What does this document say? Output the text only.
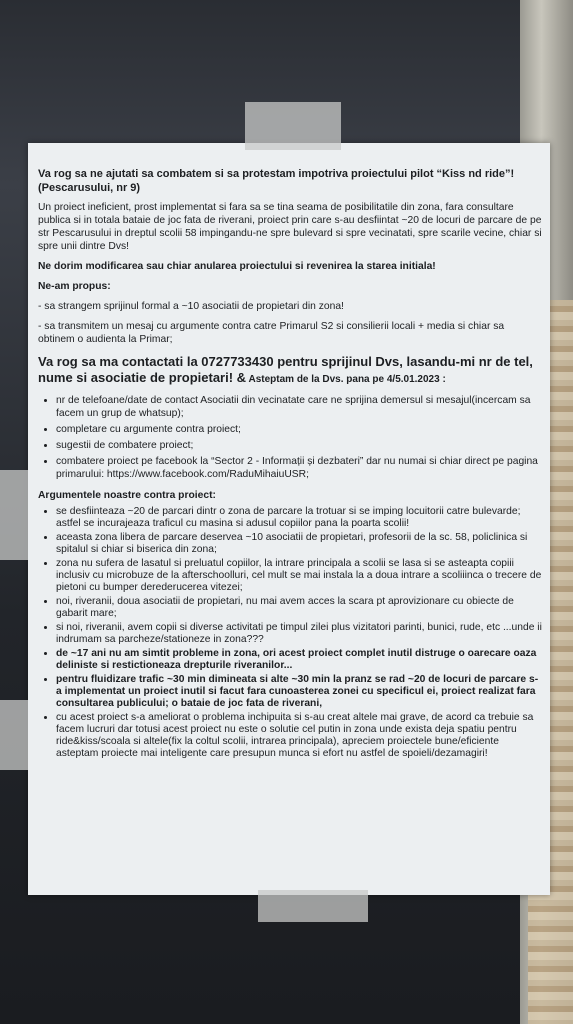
Va rog sa ne ajutati sa combatem si sa protestam impotriva proiectului pilot “Kiss nd ride”! (Pescarusului, nr 9)

Un proiect ineficient, prost implementat si fara sa se tina seama de posibilitatile din zona, fara consultare publica si in totala bataie de joc fata de riverani, proiect prin care s-au desfiintat ~20 de locuri de parcare de pe str Pescarusului in dreptul scolii 58 impingandu-ne spre bulevard si spre vecinatati, spre scarile vecine, chiar si spre unii dintre Dvs!

Ne dorim modificarea sau chiar anularea proiectului si revenirea la starea initiala!

Ne-am propus:

- sa strangem sprijinul formal a ~10 asociatii de propietari din zona!

- sa transmitem un mesaj cu argumente contra catre Primarul S2 si consilierii locali + media si chiar sa obtinem o audienta la Primar;

Va rog sa ma contactati la 0727733430 pentru sprijinul Dvs, lasandu-mi nr de tel, nume si asociatie de propietari! & Asteptam de la Dvs. pana pe 4/5.01.2023 :
• nr de telefoane/date de contact Asociatii din vecinatate care ne sprijina demersul si mesajul(incercam sa facem un grup de whatsup);
• completare cu argumente contra proiect;
• sugestii de combatere proiect;
• combatere proiect pe facebook la “Sector 2 - Informații și dezbateri” dar nu numai si chiar direct pe pagina primarului: https://www.facebook.com/RaduMihaiuUSR;
Argumentele noastre contra proiect:
• se desfiinteaza ~20 de parcari dintr o zona de parcare la trotuar si se imping locuitorii catre bulevarde; astfel se incurajeaza traficul cu masina si adusul copiilor pana la poarta scolii!
• aceasta zona libera de parcare deservea ~10 asociatii de propietari, profesorii de la sc. 58, policlinica si spitalul si chiar si biserica din zona;
• zona nu sufera de lasatul si preluatul copiilor, la intrare principala a scolii se lasa si se asteapta copiii inclusiv cu microbuze de la afterschoolluri, cel mult se mai instala la a doua intrare a scoliiinca o trecere de pietoni cu bumper derederucerea vitezei;
• noi, riveranii, doua asociatii de propietari, nu mai avem acces la scara pt aprovizionare cu obiecte de gabarit mare;
• si noi, riveranii, avem copii si diverse activitati pe timpul zilei plus vizitatori parinti, bunici, rude, etc ...unde ii indrumam sa parcheze/stationeze in zona???
• de ~17 ani nu am simtit probleme in zona, ori acest proiect complet inutil distruge o oarecare oaza deliniste si restictioneaza drepturile riveranilor...
• pentru fluidizare trafic ~30 min dimineata si alte ~30 min la pranz se rad ~20 de locuri de parcare s-a implementat un proiect inutil si facut fara cunoasterea zonei cu specificul ei, proiect realizat fara consultarea publicului; o bataie de joc fata de riverani,
• cu acest proiect s-a ameliorat o problema inchipuita si s-au creat altele mai grave, de acord ca trebuie sa facem lucruri dar totusi acest proiect nu este o solutie cel putin in zona unde exista deja spatiu pentru ride&kiss/scoala si altele(fix la coltul scolii, intrarea principala), apreciem proiectele bune/eficiente asteptam proiecte mai inteligente care presupun munca si efort nu astfel de spoieli/dezamagiri!
